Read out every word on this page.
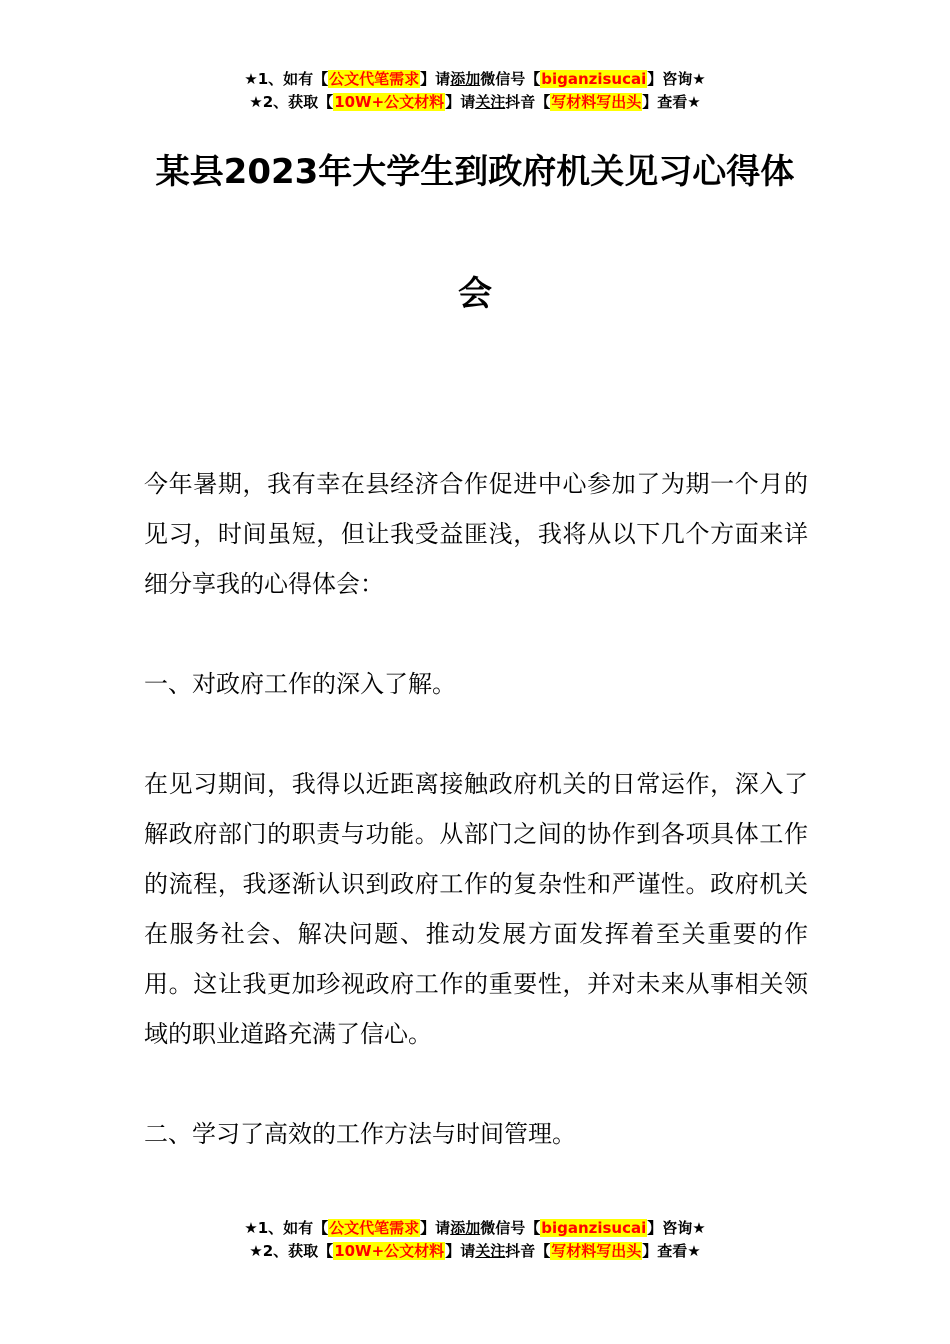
★1、如有【公文代笔需求】请添加微信号【biganzisucai】咨询★
★2、获取【10W+公文材料】请关注抖音【写材料写出头】查看★
某县2023年大学生到政府机关见习心得体
会

今年暑期，我有幸在县经济合作促进中心参加了为期一个月的见习，时间虽短，但让我受益匪浅，我将从以下几个方面来详细分享我的心得体会：

一、对政府工作的深入了解。

在见习期间，我得以近距离接触政府机关的日常运作，深入了解政府部门的职责与功能。从部门之间的协作到各项具体工作的流程，我逐渐认识到政府工作的复杂性和严谨性。政府机关在服务社会、解决问题、推动发展方面发挥着至关重要的作用。这让我更加珍视政府工作的重要性，并对未来从事相关领域的职业道路充满了信心。

二、学习了高效的工作方法与时间管理。

★1、如有【公文代笔需求】请添加微信号【biganzisucai】咨询★
★2、获取【10W+公文材料】请关注抖音【写材料写出头】查看★
